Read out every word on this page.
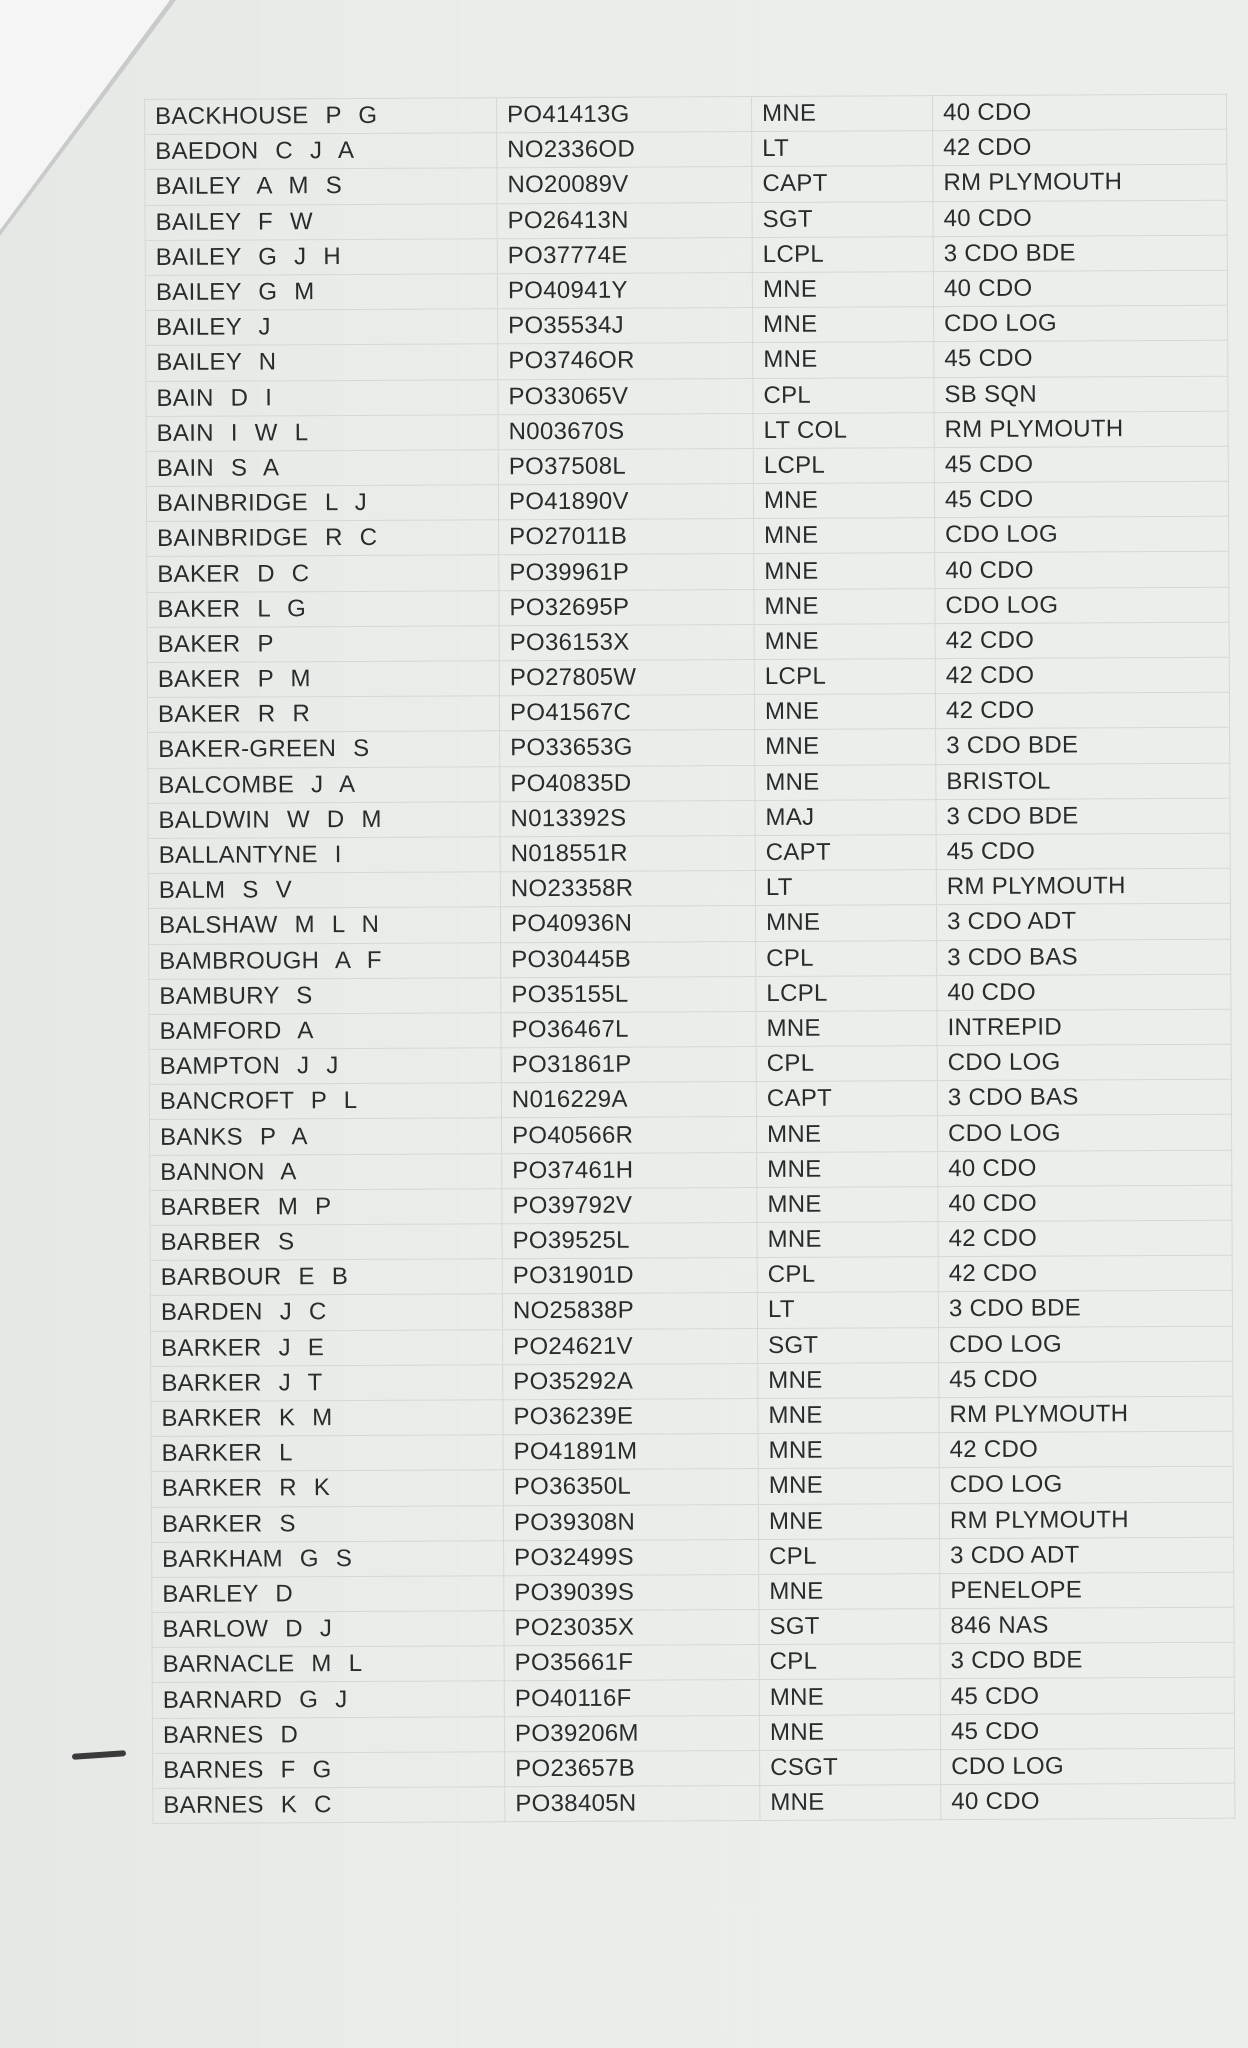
BACKHOUSE P G	PO41413G	MNE	40 CDO
BAEDON C J A	NO2336OD	LT	42 CDO
BAILEY A M S	NO20089V	CAPT	RM PLYMOUTH
BAILEY F W	PO26413N	SGT	40 CDO
BAILEY G J H	PO37774E	LCPL	3 CDO BDE
BAILEY G M	PO40941Y	MNE	40 CDO
BAILEY J	PO35534J	MNE	CDO LOG
BAILEY N	PO3746OR	MNE	45 CDO
BAIN D I	PO33065V	CPL	SB SQN
BAIN I W L	N003670S	LT COL	RM PLYMOUTH
BAIN S A	PO37508L	LCPL	45 CDO
BAINBRIDGE L J	PO41890V	MNE	45 CDO
BAINBRIDGE R C	PO27011B	MNE	CDO LOG
BAKER D C	PO39961P	MNE	40 CDO
BAKER L G	PO32695P	MNE	CDO LOG
BAKER P	PO36153X	MNE	42 CDO
BAKER P M	PO27805W	LCPL	42 CDO
BAKER R R	PO41567C	MNE	42 CDO
BAKER-GREEN S	PO33653G	MNE	3 CDO BDE
BALCOMBE J A	PO40835D	MNE	BRISTOL
BALDWIN W D M	N013392S	MAJ	3 CDO BDE
BALLANTYNE I	N018551R	CAPT	45 CDO
BALM S V	NO23358R	LT	RM PLYMOUTH
BALSHAW M L N	PO40936N	MNE	3 CDO ADT
BAMBROUGH A F	PO30445B	CPL	3 CDO BAS
BAMBURY S	PO35155L	LCPL	40 CDO
BAMFORD A	PO36467L	MNE	INTREPID
BAMPTON J J	PO31861P	CPL	CDO LOG
BANCROFT P L	N016229A	CAPT	3 CDO BAS
BANKS P A	PO40566R	MNE	CDO LOG
BANNON A	PO37461H	MNE	40 CDO
BARBER M P	PO39792V	MNE	40 CDO
BARBER S	PO39525L	MNE	42 CDO
BARBOUR E B	PO31901D	CPL	42 CDO
BARDEN J C	NO25838P	LT	3 CDO BDE
BARKER J E	PO24621V	SGT	CDO LOG
BARKER J T	PO35292A	MNE	45 CDO
BARKER K M	PO36239E	MNE	RM PLYMOUTH
BARKER L	PO41891M	MNE	42 CDO
BARKER R K	PO36350L	MNE	CDO LOG
BARKER S	PO39308N	MNE	RM PLYMOUTH
BARKHAM G S	PO32499S	CPL	3 CDO ADT
BARLEY D	PO39039S	MNE	PENELOPE
BARLOW D J	PO23035X	SGT	846 NAS
BARNACLE M L	PO35661F	CPL	3 CDO BDE
BARNARD G J	PO40116F	MNE	45 CDO
BARNES D	PO39206M	MNE	45 CDO
BARNES F G	PO23657B	CSGT	CDO LOG
BARNES K C	PO38405N	MNE	40 CDO
